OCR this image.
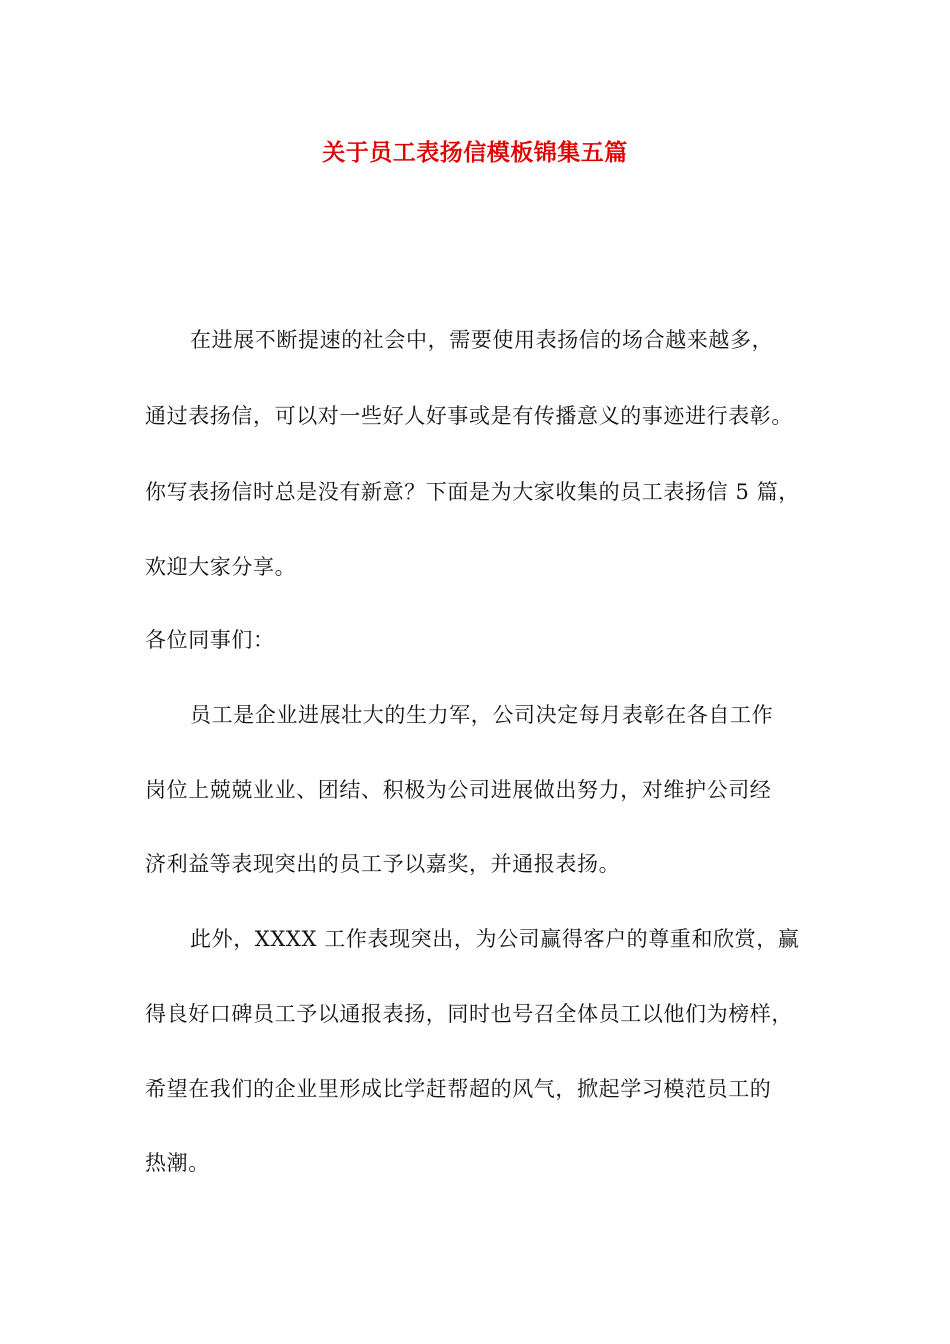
关于员工表扬信模板锦集五篇
在进展不断提速的社会中，需要使用表扬信的场合越来越多，
通过表扬信，可以对一些好人好事或是有传播意义的事迹进行表彰。
你写表扬信时总是没有新意？下面是为大家收集的员工表扬信 5 篇，
欢迎大家分享。
各位同事们：
员工是企业进展壮大的生力军，公司决定每月表彰在各自工作
岗位上兢兢业业、团结、积极为公司进展做出努力，对维护公司经
济利益等表现突出的员工予以嘉奖，并通报表扬。
此外，XXXX 工作表现突出，为公司赢得客户的尊重和欣赏，赢
得良好口碑员工予以通报表扬，同时也号召全体员工以他们为榜样，
希望在我们的企业里形成比学赶帮超的风气，掀起学习模范员工的
热潮。
